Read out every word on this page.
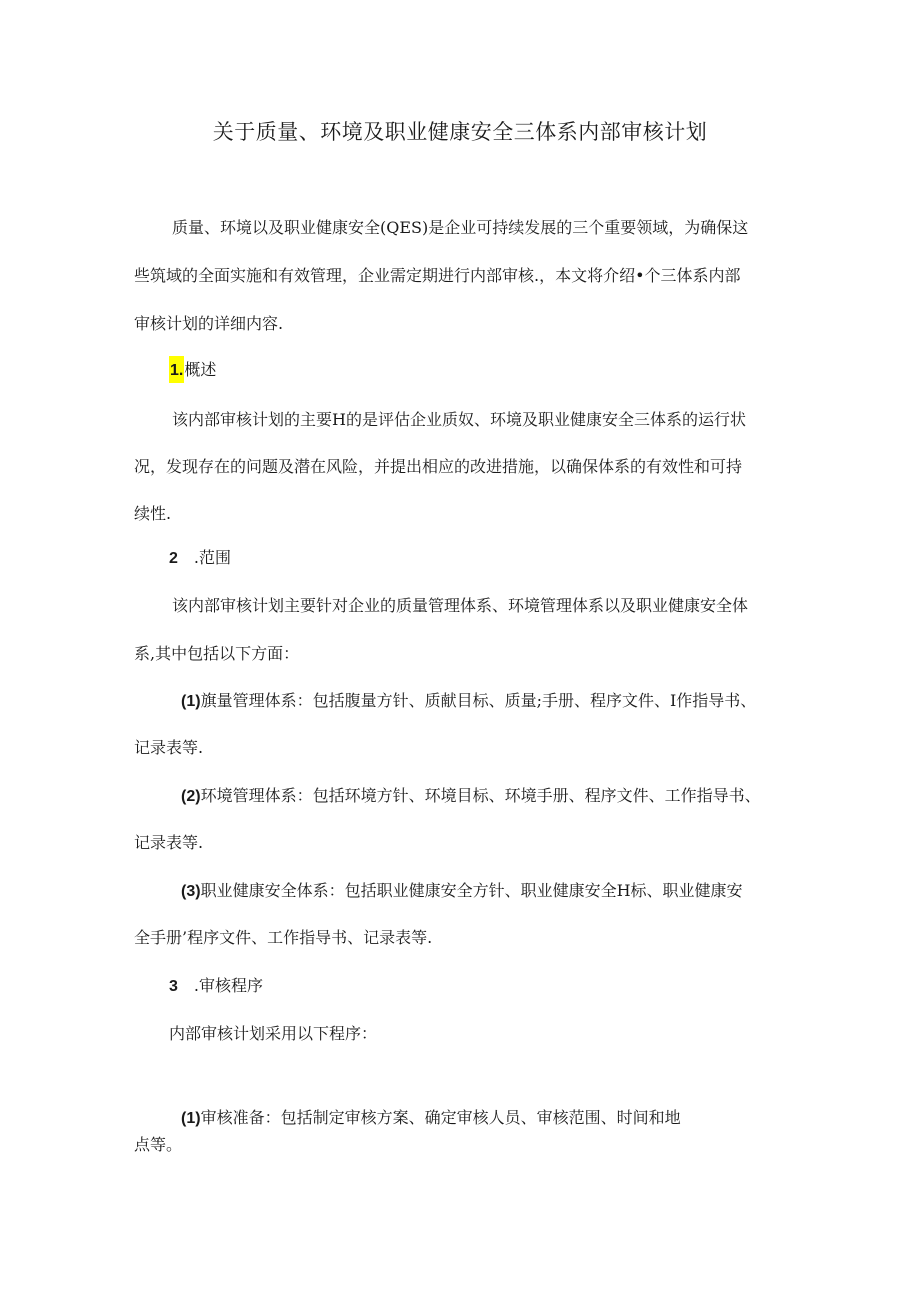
关于质量、环境及职业健康安全三体系内部审核计划
质量、环境以及职业健康安全(QES)是企业可持续发展的三个重要领域，为确保这
些筑域的全面实施和有效管理，企业需定期进行内部审核.，本文将介绍•个三体系内部
审核计划的详细内容.
1.概述
该内部审核计划的主要H的是评估企业质奴、环境及职业健康安全三体系的运行状
况，发现存在的问题及潜在风险，并提出相应的改进措施，以确保体系的有效性和可持
续性.
2 .范围
该内部审核计划主要针对企业的质量管理体系、环境管理体系以及职业健康安全体
系,其中包括以下方面：
(1)旗量管理体系：包括腹量方针、质献目标、质量;手册、程序文件、I作指导书、
记录表等.
(2)环境管理体系：包括环境方针、环境目标、环境手册、程序文件、工作指导书、
记录表等.
(3)职业健康安全体系：包括职业健康安全方针、职业健康安全H标、职业健康安
全手册’程序文件、工作指导书、记录表等.
3 .审核程序
内部审核计划采用以下程序：
(1)审核准备：包括制定审核方案、确定审核人员、审核范围、时间和地
点等。
